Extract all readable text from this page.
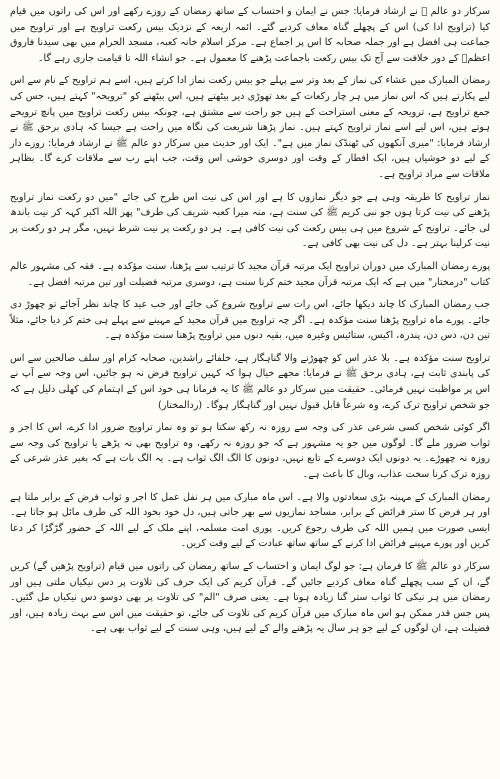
سرکار دو عالم ﷺ نے ارشاد فرمایا: جس نے ایمان و احتساب کے ساتھ رمضان کے روزے رکھے اور اس کی راتوں میں قیام کیا (تراویح ادا کی) اس کے پچھلے گناہ معاف کردیے گئے۔ ائمہ اربعہ کے نزدیک بیس رکعت تراویح ہے اور تراویح میں جماعت ہی افضل ہے اور جملہ صحابہ کا اس پر اجماع ہے۔ مرکز اسلام خانہ کعبہ، مسجد الحرام میں بھی سیدنا فاروق اعظمؓ کے دور خلافت سے آج تک بیس رکعت باجماعت پڑھنے کا معمول ہے۔ جو انشاء اللہ تا قیامت جاری رہے گا۔

رمضان المبارک میں عشاء کی نماز کے بعد وتر سے پہلے جو بیس رکعت نماز ادا کرتے ہیں، اسے ہم تراویح کے نام سے اس لیے پکارتے ہیں کہ اس نماز میں ہر چار رکعات کے بعد تھوڑی دیر بیٹھتے ہیں، اس بیٹھنے کو "ترویحہ" کہتے ہیں، جس کی جمع تراویح ہے، ترویحہ کے معنی استراحت کے ہیں جو راحت سے مشتق ہے، چونکہ بیس رکعت تراویح میں پانچ ترویحے ہوتے ہیں، اس لیے اسے نماز تراویح کہتے ہیں۔ نماز پڑھنا شریعت کی نگاہ میں راحت ہے جیسا کہ ہادی برحق ﷺ نے ارشاد فرمایا: "میری آنکھوں کی ٹھنڈک نماز میں ہے"۔ ایک اور حدیث میں سرکار دو عالم ﷺ نے ارشاد فرمایا: روزے دار کے لیے دو خوشیاں ہیں، ایک افطار کے وقت اور دوسری خوشی اس وقت، جب اپنے رب سے ملاقات کرے گا۔ بظاہر ملاقات سے مراد تراویح ہے۔

نماز تراویح کا طریقہ وہی ہے جو دیگر نمازوں کا ہے اور اس کی نیت اس طرح کی جائے "میں دو رکعت نماز تراویح پڑھنے کی نیت کرتا ہوں جو نبی کریم ﷺ کی سنت ہے، منہ میرا کعبہ شریف کی طرف" پھر اللہ اکبر کہہ کر نیت باندھ لی جائے۔ تراویح کے شروع میں ہی بیس رکعت کی نیت کافی ہے۔ ہر دو رکعت پر نیت شرط نہیں، مگر ہر دو رکعت پر نیت کرلینا بہتر ہے۔ دل کی نیت بھی کافی ہے۔

پورے رمضان المبارک میں دوران تراویح ایک مرتبہ قرآن مجید کا ترتیب سے پڑھنا، سنت مؤکدہ ہے۔ فقہ کی مشہور عالم کتاب "درمختار" میں ہے کہ ایک مرتبہ قرآن مجید ختم کرنا سنت ہے، دوسری مرتبہ فضیلت اور تین مرتبہ افضل ہے۔

جب رمضان المبارک کا چاند دیکھا جائے، اس رات سے تراویح شروع کی جائے اور جب عید کا چاند نظر آجائے تو چھوڑ دی جائے۔ پورے ماہ تراویح پڑھنا سنت مؤکدہ ہے۔ اگر چہ تراویح میں قرآن مجید کے مہینے سے پہلے ہی ختم کر دیا جائے، مثلاً تین دن، دس دن، پندرہ، اکیس، ستائیس وغیرہ میں، بقیہ دنوں میں تراویح پڑھنا سنت مؤکدہ ہے۔

تراویح سنت مؤکدہ ہے۔ بلا عذر اس کو چھوڑنے والا گناہگار ہے، خلفائے راشدین، صحابہ کرام اور سلف صالحین سے اس کی پابندی ثابت ہے، ہادی برحق ﷺ نے فرمایا: مجھے خیال ہوا کہ کہیں تراویح فرض نہ ہو جائیں، اس وجہ سے آپ نے اس پر مواظبت نہیں فرمائی۔ حقیقت میں سرکار دو عالم ﷺ کا یہ فرمانا ہی خود اس کے اہتمام کی کھلی دلیل ہے کہ جو شخص تراویح ترک کرے، وہ شرعاً قابل قبول نہیں اور گناہگار ہوگا۔ (ردالمختار)

اگر کوئی شخص کسی شرعی عذر کی وجہ سے روزہ نہ رکھ سکتا ہو تو وہ نماز تراویح ضرور ادا کرے، اس کا اجر و ثواب ضرور ملے گا۔ لوگوں میں جو یہ مشہور ہے کہ جو روزہ نہ رکھے، وہ تراویح بھی نہ پڑھے یا تراویح کی وجہ سے روزہ نہ چھوڑے۔ یہ دونوں ایک دوسرے کے تابع نہیں، دونوں کا الگ الگ ثواب ہے۔ یہ الگ بات ہے کہ بغیر عذر شرعی کے روزہ ترک کرنا سخت عذاب، وبال کا باعث ہے۔

رمضان المبارک کے مہینہ بڑی سعادتوں والا ہے۔ اس ماہ مبارک میں ہر نفل عمل کا اجر و ثواب فرض کے برابر ملتا ہے اور ہر فرض کا ستر فرائض کے برابر، مساجد نمازیوں سے بھر جاتی ہیں، دل خود بخود اللہ کی طرف مائل ہو جاتا ہے۔ ایسی صورت میں ہمیں اللہ کی طرف رجوع کریں۔ پوری امت مسلمہ، اپنے ملک کے لیے اللہ کے حضور گڑگڑا کر دعا کریں اور پورے مہینے فرائض ادا کرنے کے ساتھ ساتھ عبادت کے لیے وقت کریں۔

سرکار دو عالم ﷺ کا فرمان ہے: جو لوگ ایمان و احتساب کے ساتھ رمضان کی راتوں میں قیام (تراویح پڑھیں گے) کریں گے، ان کے سب پچھلے گناہ معاف کردیے جائیں گے۔ قرآن کریم کی ایک حرف کی تلاوت پر دس نیکیاں ملتی ہیں اور رمضان میں ہر نیکی کا ثواب ستر گنا زیادہ ہوتا ہے۔ یعنی صرف "الم" کی تلاوت پر بھی دوسو دس نیکیاں مل گئیں۔ پس جس قدر ممکن ہو اس ماہ مبارک میں قرآن کریم کی تلاوت کی جائے، تو حقیقت میں اس سے بہت زیادہ ہیں، اور فضیلت ہے، ان لوگوں کے لیے جو ہر سال یہ پڑھنے والے کے لیے ہیں، وہی سنت کے لیے ثواب بھی ہے۔
